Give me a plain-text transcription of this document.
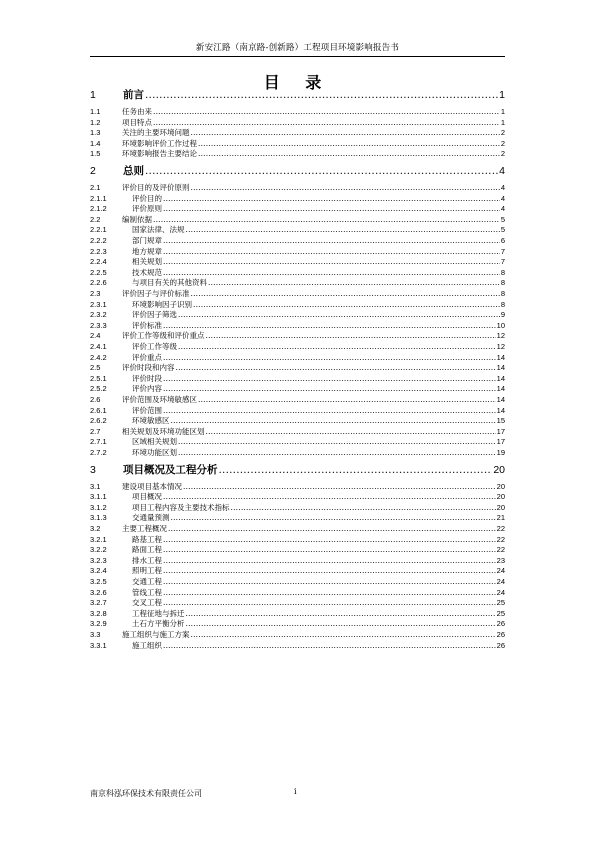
新安江路（南京路-创新路）工程项目环境影响报告书
目 录
1	前言 .....	1
1.1	任务由来 .....	1
1.2	项目特点 .....	1
1.3	关注的主要环境问题 .....	2
1.4	环境影响评价工作过程 .....	2
1.5	环境影响报告主要结论 .....	2
2	总则 .....	4
2.1	评价目的及评价原则 .....	4
2.1.1	评价目的 .....	4
2.1.2	评价原则 .....	4
2.2	编制依据 .....	5
2.2.1	国家法律、法规 .....	5
2.2.2	部门规章 .....	6
2.2.3	地方规章 .....	7
2.2.4	相关规划 .....	7
2.2.5	技术规范 .....	8
2.2.6	与项目有关的其他资料 .....	8
2.3	评价因子与评价标准 .....	8
2.3.1	环境影响因子识别 .....	8
2.3.2	评价因子筛选 .....	9
2.3.3	评价标准 .....	10
2.4	评价工作等级和评价重点 .....	12
2.4.1	评价工作等级 .....	12
2.4.2	评价重点 .....	14
2.5	评价时段和内容 .....	14
2.5.1	评价时段 .....	14
2.5.2	评价内容 .....	14
2.6	评价范围及环境敏感区 .....	14
2.6.1	评价范围 .....	14
2.6.2	环境敏感区 .....	15
2.7	相关规划及环境功能区划 .....	17
2.7.1	区域相关规划 .....	17
2.7.2	环境功能区划 .....	19
3	项目概况及工程分析 .....	20
3.1	建设项目基本情况 .....	20
3.1.1	项目概况 .....	20
3.1.2	项目工程内容及主要技术指标 .....	20
3.1.3	交通量预测 .....	21
3.2	主要工程概况 .....	22
3.2.1	路基工程 .....	22
3.2.2	路面工程 .....	22
3.2.3	排水工程 .....	23
3.2.4	照明工程 .....	24
3.2.5	交通工程 .....	24
3.2.6	管线工程 .....	24
3.2.7	交叉工程 .....	25
3.2.8	工程征地与拆迁 .....	25
3.2.9	土石方平衡分析 .....	26
3.3	施工组织与施工方案 .....	26
3.3.1	施工组织 .....	26
南京科泓环保技术有限责任公司	i
